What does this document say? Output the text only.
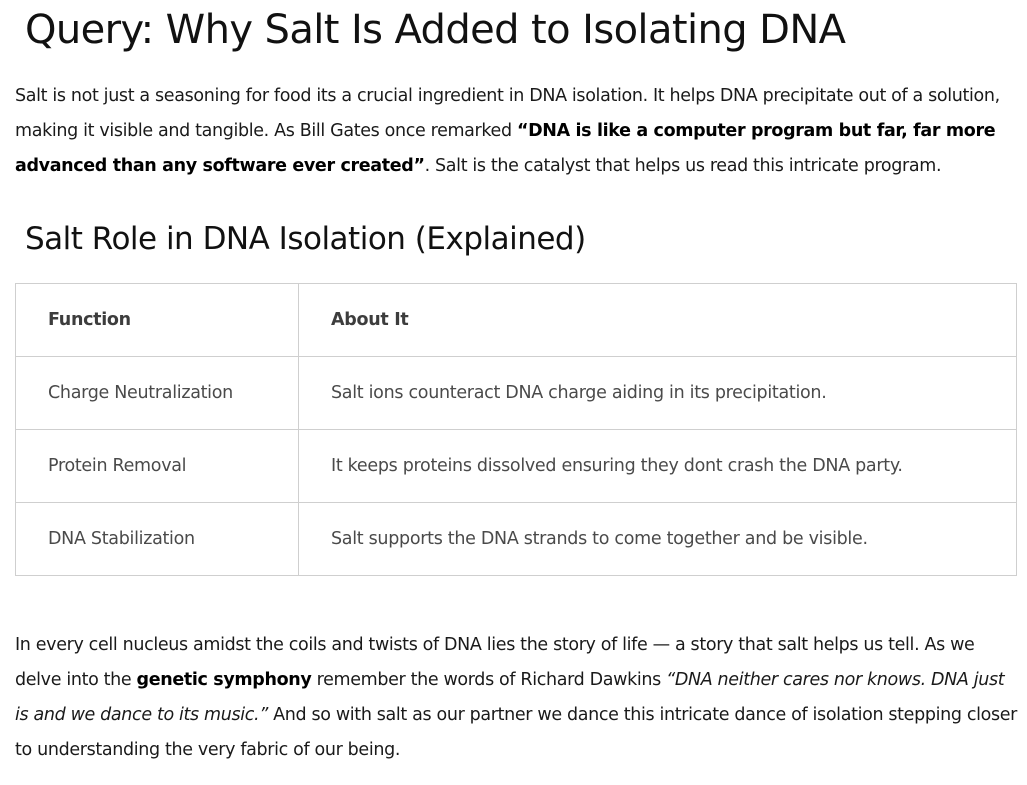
Query: Why Salt Is Added to Isolating DNA

Salt is not just a seasoning for food its a crucial ingredient in DNA isolation. It helps DNA precipitate out of a solution, making it visible and tangible. As Bill Gates once remarked “DNA is like a computer program but far, far more advanced than any software ever created”. Salt is the catalyst that helps us read this intricate program.

Salt Role in DNA Isolation (Explained)
Function	About It
Charge Neutralization	Salt ions counteract DNA charge aiding in its precipitation.
Protein Removal	It keeps proteins dissolved ensuring they dont crash the DNA party.
DNA Stabilization	Salt supports the DNA strands to come together and be visible.

In every cell nucleus amidst the coils and twists of DNA lies the story of life — a story that salt helps us tell. As we delve into the genetic symphony remember the words of Richard Dawkins “DNA neither cares nor knows. DNA just is and we dance to its music.” And so with salt as our partner we dance this intricate dance of isolation stepping closer to understanding the very fabric of our being.
